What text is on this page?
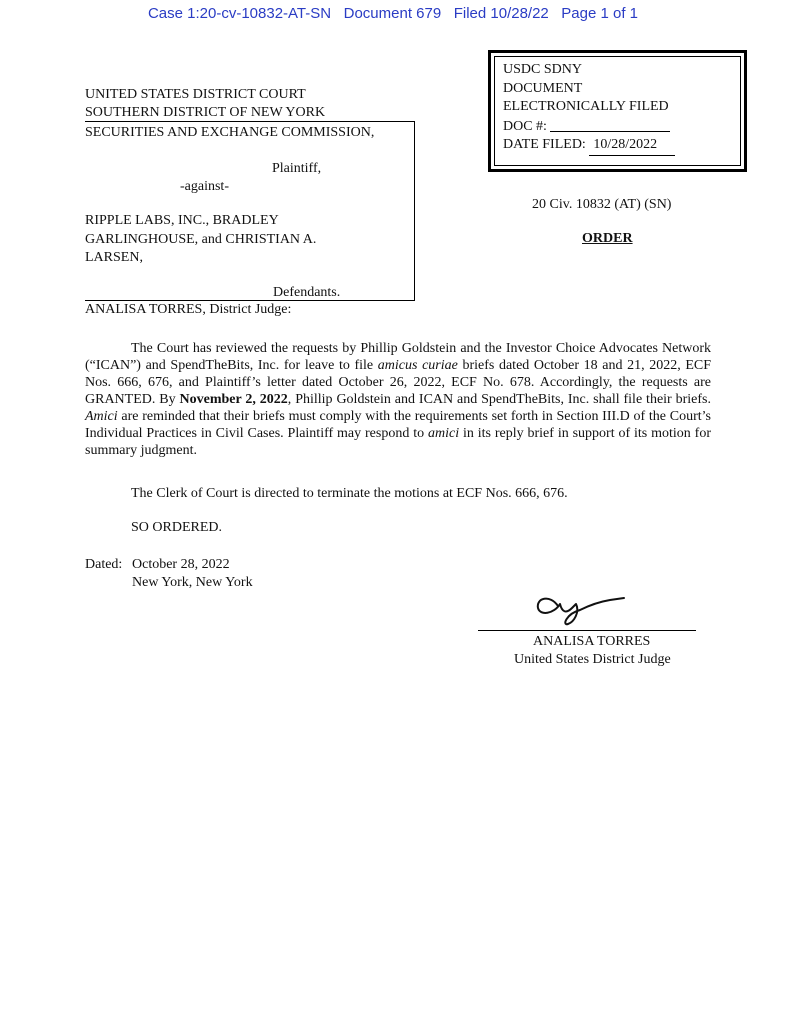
Case 1:20-cv-10832-AT-SN Document 679 Filed 10/28/22 Page 1 of 1
USDC SDNY
DOCUMENT
ELECTRONICALLY FILED
DOC #:
DATE FILED: 10/28/2022
UNITED STATES DISTRICT COURT
SOUTHERN DISTRICT OF NEW YORK
SECURITIES AND EXCHANGE COMMISSION,
Plaintiff,
-against-
RIPPLE LABS, INC., BRADLEY
GARLINGHOUSE, and CHRISTIAN A.
LARSEN,
Defendants.
ANALISA TORRES, District Judge:
20 Civ. 10832 (AT) (SN)
ORDER
The Court has reviewed the requests by Phillip Goldstein and the Investor Choice Advocates Network (“ICAN”) and SpendTheBits, Inc. for leave to file amicus curiae briefs dated October 18 and 21, 2022, ECF Nos. 666, 676, and Plaintiff’s letter dated October 26, 2022, ECF No. 678. Accordingly, the requests are GRANTED. By November 2, 2022, Phillip Goldstein and ICAN and SpendTheBits, Inc. shall file their briefs. Amici are reminded that their briefs must comply with the requirements set forth in Section III.D of the Court’s Individual Practices in Civil Cases. Plaintiff may respond to amici in its reply brief in support of its motion for summary judgment.
The Clerk of Court is directed to terminate the motions at ECF Nos. 666, 676.
SO ORDERED.
Dated: October 28, 2022
New York, New York
ANALISA TORRES
United States District Judge
